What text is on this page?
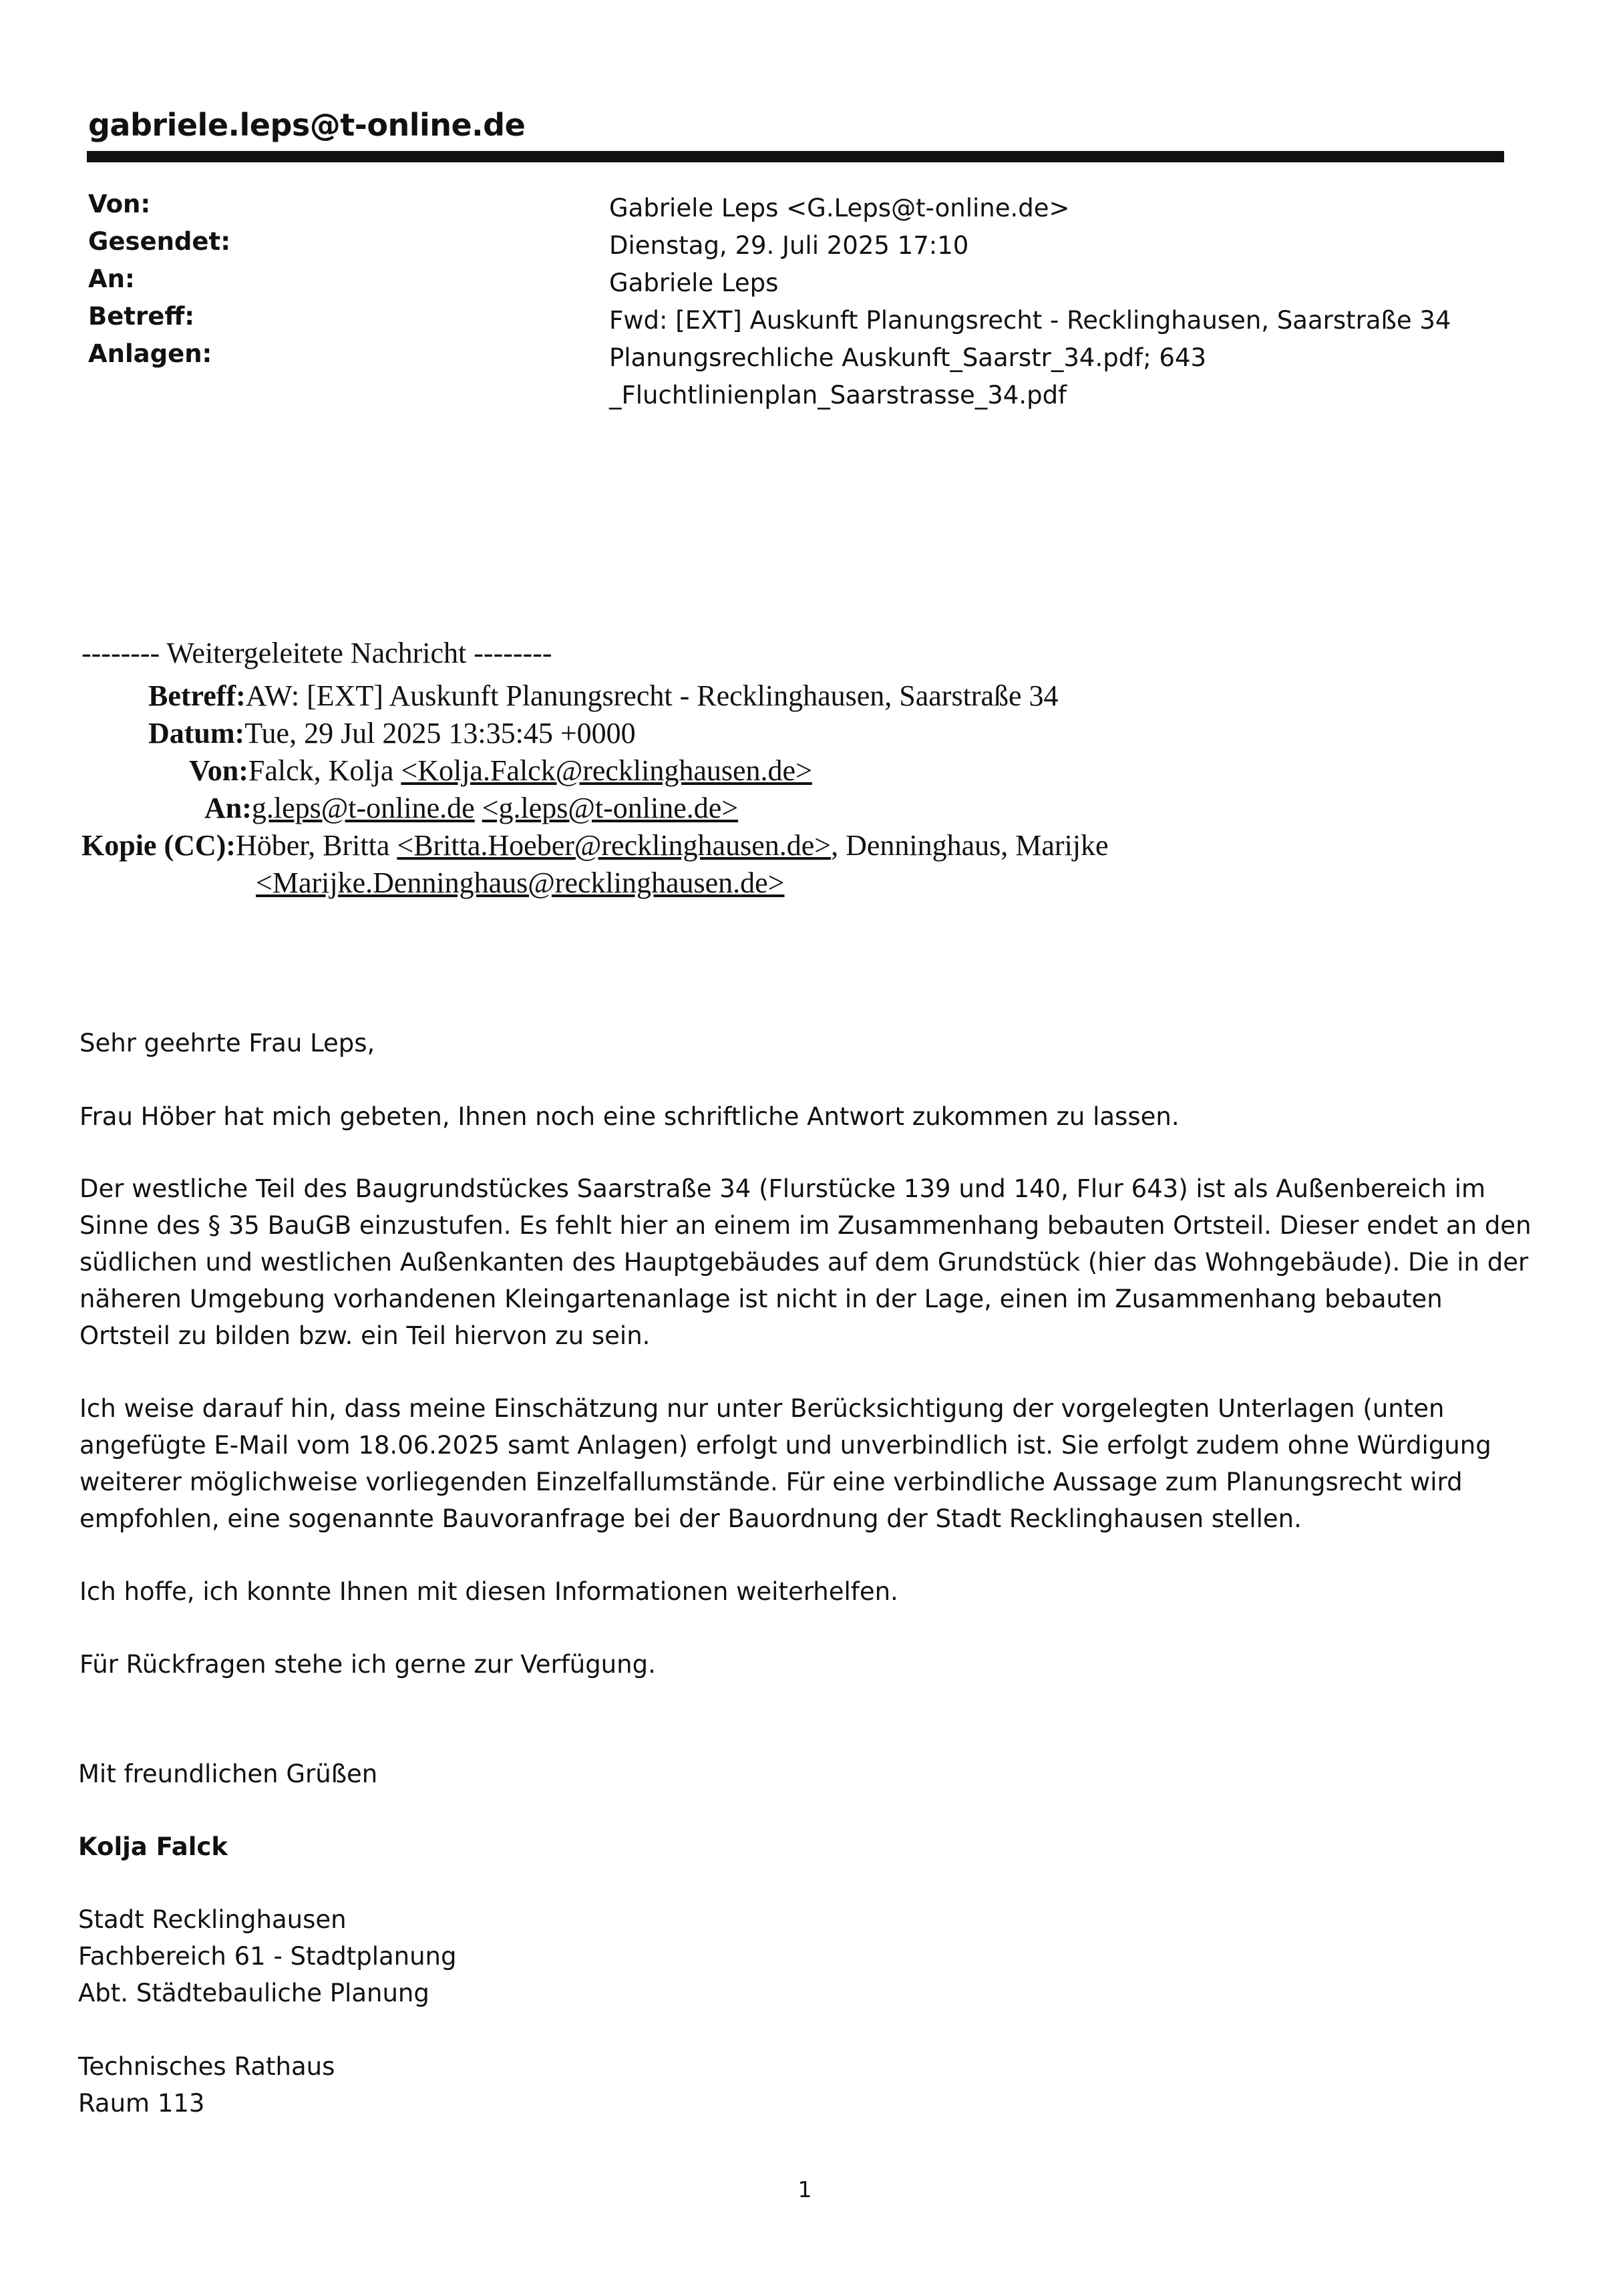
gabriele.leps@t-online.de
Von:	Gabriele Leps <G.Leps@t-online.de>
Gesendet:	Dienstag, 29. Juli 2025 17:10
An:	Gabriele Leps
Betreff:	Fwd: [EXT] Auskunft Planungsrecht - Recklinghausen, Saarstraße 34
Anlagen:	Planungsrechliche Auskunft_Saarstr_34.pdf; 643
_Fluchtlinienplan_Saarstrasse_34.pdf
-------- Weitergeleitete Nachricht --------
Betreff:AW: [EXT] Auskunft Planungsrecht - Recklinghausen, Saarstraße 34
Datum:Tue, 29 Jul 2025 13:35:45 +0000
Von:Falck, Kolja <Kolja.Falck@recklinghausen.de>
An:g.leps@t-online.de <g.leps@t-online.de>
Kopie (CC):Höber, Britta <Britta.Hoeber@recklinghausen.de>, Denninghaus, Marijke
<Marijke.Denninghaus@recklinghausen.de>
Sehr geehrte Frau Leps,
Frau Höber hat mich gebeten, Ihnen noch eine schriftliche Antwort zukommen zu lassen.
Der westliche Teil des Baugrundstückes Saarstraße 34 (Flurstücke 139 und 140, Flur 643) ist als Außenbereich im
Sinne des § 35 BauGB einzustufen. Es fehlt hier an einem im Zusammenhang bebauten Ortsteil. Dieser endet an den
südlichen und westlichen Außenkanten des Hauptgebäudes auf dem Grundstück (hier das Wohngebäude). Die in der
näheren Umgebung vorhandenen Kleingartenanlage ist nicht in der Lage, einen im Zusammenhang bebauten
Ortsteil zu bilden bzw. ein Teil hiervon zu sein.
Ich weise darauf hin, dass meine Einschätzung nur unter Berücksichtigung der vorgelegten Unterlagen (unten
angefügte E-Mail vom 18.06.2025 samt Anlagen) erfolgt und unverbindlich ist. Sie erfolgt zudem ohne Würdigung
weiterer möglichweise vorliegenden Einzelfallumstände. Für eine verbindliche Aussage zum Planungsrecht wird
empfohlen, eine sogenannte Bauvoranfrage bei der Bauordnung der Stadt Recklinghausen stellen.
Ich hoffe, ich konnte Ihnen mit diesen Informationen weiterhelfen.
Für Rückfragen stehe ich gerne zur Verfügung.
Mit freundlichen Grüßen
Kolja Falck
Stadt Recklinghausen
Fachbereich 61 - Stadtplanung
Abt. Städtebauliche Planung
Technisches Rathaus
Raum 113
1
